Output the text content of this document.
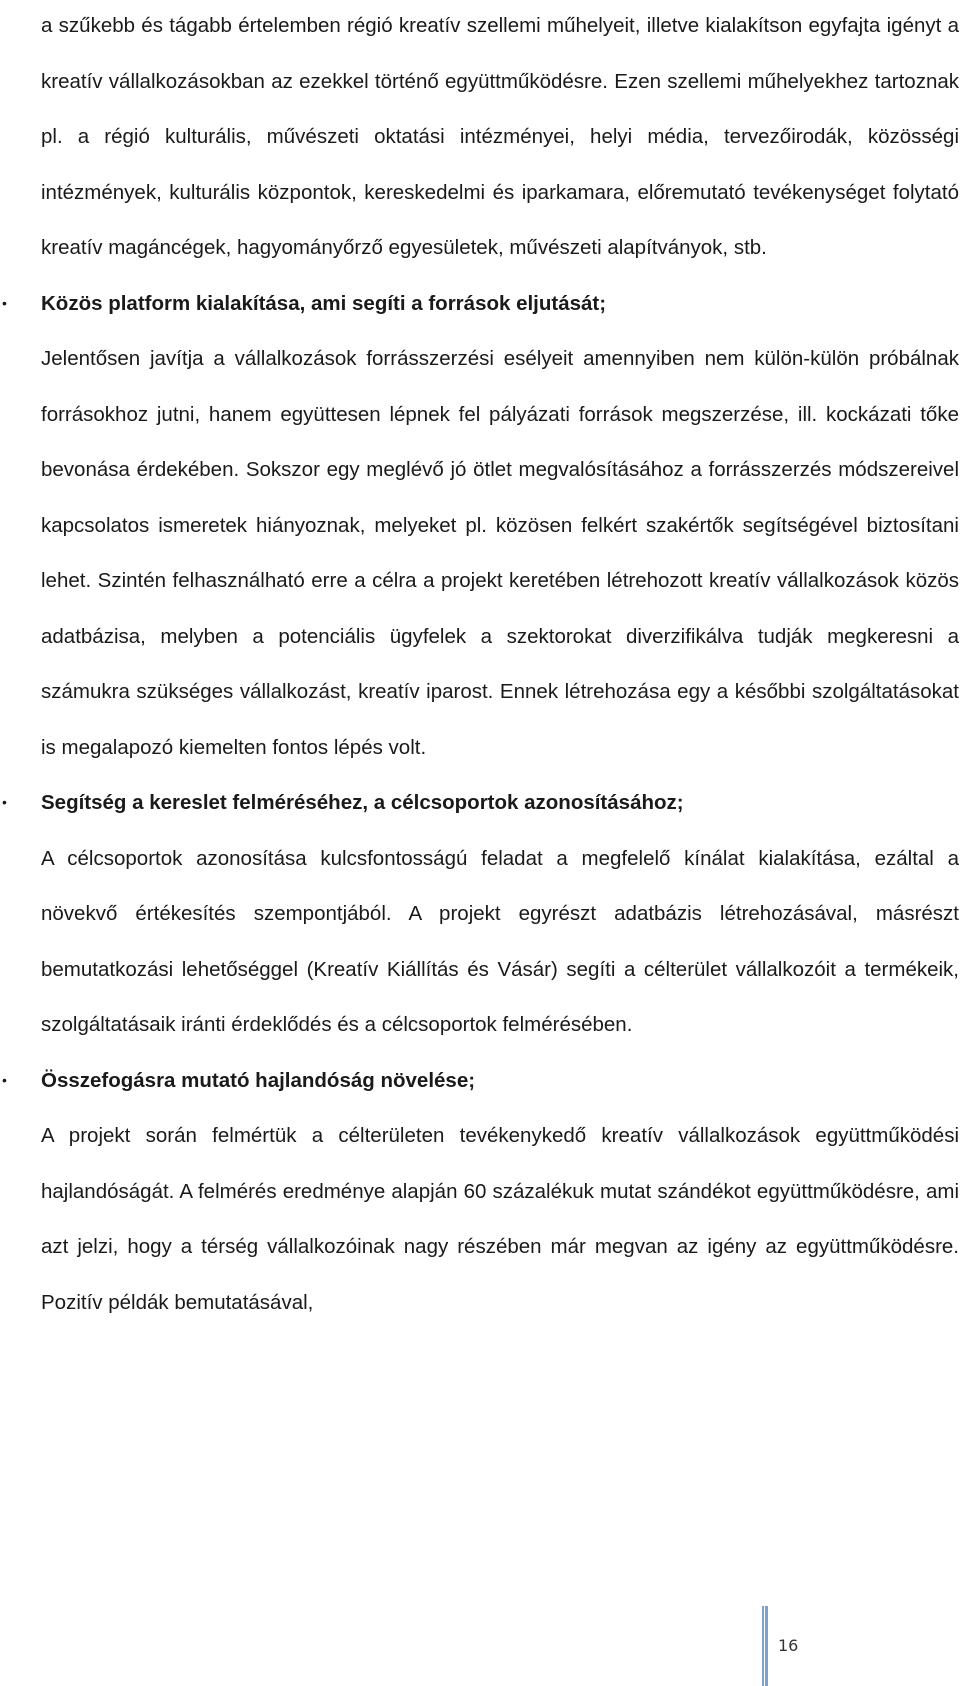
a szűkebb és tágabb értelemben régió kreatív szellemi műhelyeit, illetve kialakítson egyfajta igényt a kreatív vállalkozásokban az ezekkel történő együttműködésre. Ezen szellemi műhelyekhez tartoznak pl. a régió kulturális, művészeti oktatási intézményei, helyi média, tervezőirodák, közösségi intézmények, kulturális központok, kereskedelmi és iparkamara, előremutató tevékenységet folytató kreatív magáncégek, hagyományőrző egyesületek, művészeti alapítványok, stb.

• Közös platform kialakítása, ami segíti a források eljutását;

Jelentősen javítja a vállalkozások forrásszerzési esélyeit amennyiben nem külön-külön próbálnak forrásokhoz jutni, hanem együttesen lépnek fel pályázati források megszerzése, ill. kockázati tőke bevonása érdekében. Sokszor egy meglévő jó ötlet megvalósításához a forrásszerzés módszereivel kapcsolatos ismeretek hiányoznak, melyeket pl. közösen felkért szakértők segítségével biztosítani lehet. Szintén felhasználható erre a célra a projekt keretében létrehozott kreatív vállalkozások közös adatbázisa, melyben a potenciális ügyfelek a szektorokat diverzifikálva tudják megkeresni a számukra szükséges vállalkozást, kreatív iparost. Ennek létrehozása egy a későbbi szolgáltatásokat is megalapozó kiemelten fontos lépés volt.

• Segítség a kereslet felméréséhez, a célcsoportok azonosításához;

A célcsoportok azonosítása kulcsfontosságú feladat a megfelelő kínálat kialakítása, ezáltal a növekvő értékesítés szempontjából. A projekt egyrészt adatbázis létrehozásával, másrészt bemutatkozási lehetőséggel (Kreatív Kiállítás és Vásár) segíti a célterület vállalkozóit a termékeik, szolgáltatásaik iránti érdeklődés és a célcsoportok felmérésében.

• Összefogásra mutató hajlandóság növelése;

A projekt során felmértük a célterületen tevékenykedő kreatív vállalkozások együttműködési hajlandóságát. A felmérés eredménye alapján 60 százalékuk mutat szándékot együttműködésre, ami azt jelzi, hogy a térség vállalkozóinak nagy részében már megvan az igény az együttműködésre. Pozitív példák bemutatásával,

16
